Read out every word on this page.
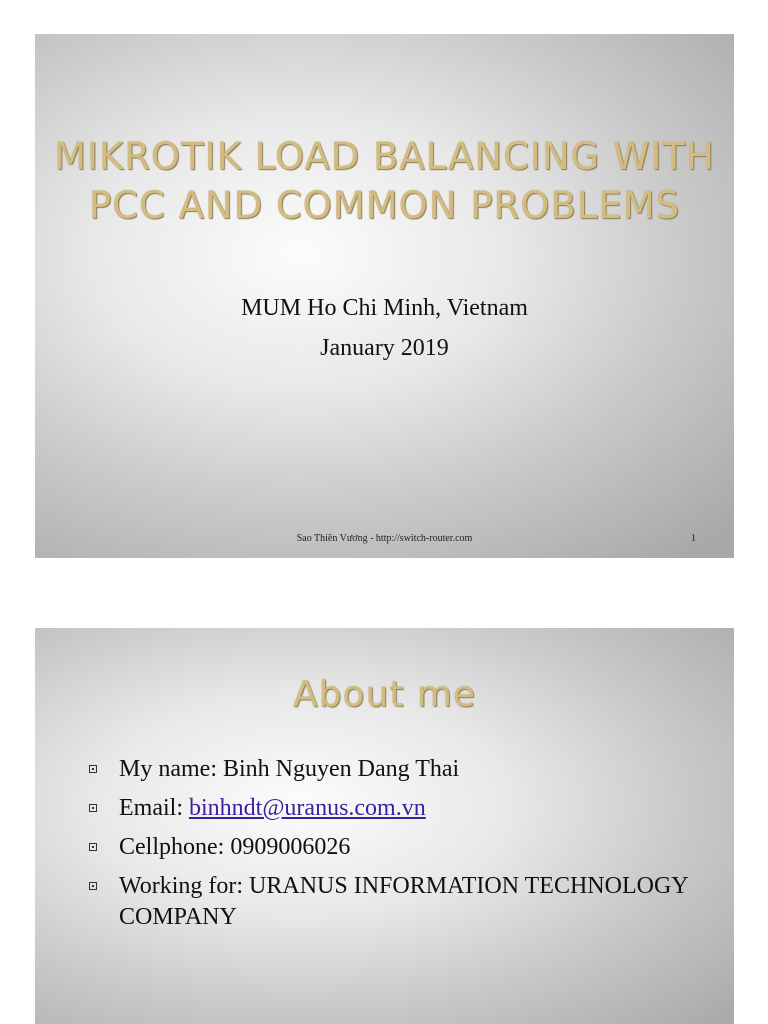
MIKROTIK LOAD BALANCING WITH PCC AND COMMON PROBLEMS
MUM Ho Chi Minh, Vietnam
January 2019
Sao Thiên Vương - http://switch-router.com	1
About me
My name: Binh Nguyen Dang Thai
Email: binhndt@uranus.com.vn
Cellphone: 0909006026
Working for: URANUS INFORMATION TECHNOLOGY COMPANY
